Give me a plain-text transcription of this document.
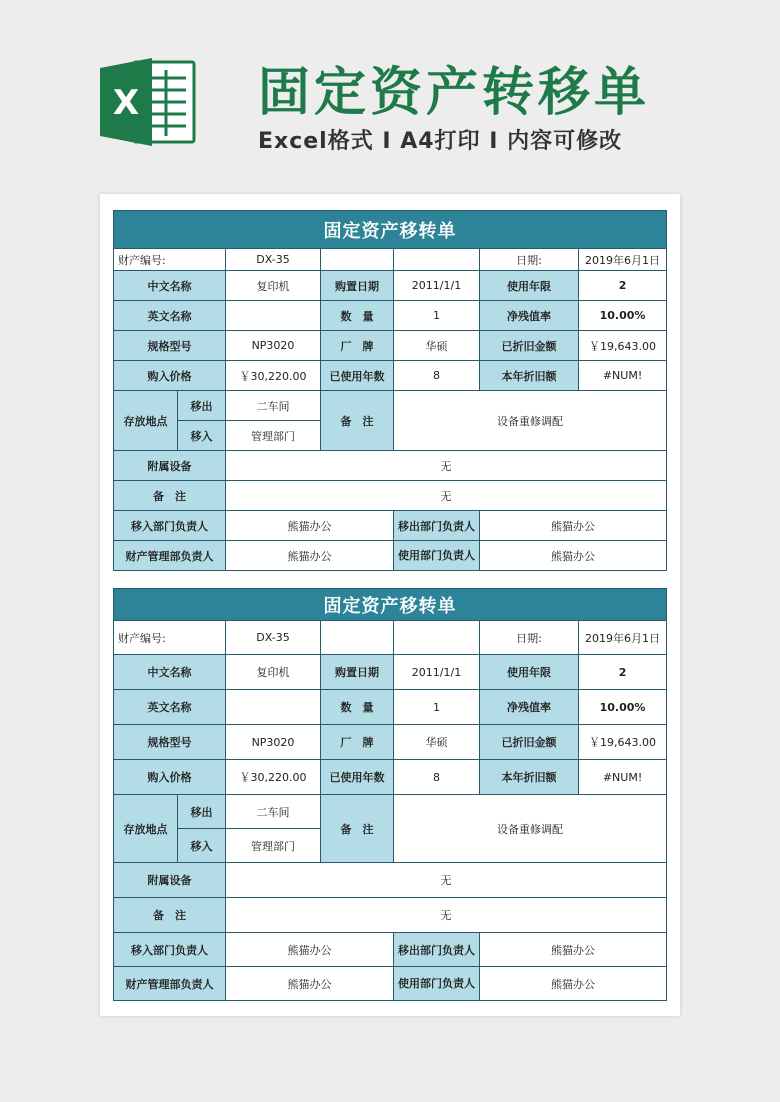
X 固定资产转移单
Excel格式 I A4打印 I 内容可修改
固定资产移转单						
财产编号:		DX-35			日期:	2019年6月1日
中文名称		复印机	购置日期	2011/1/1	使用年限	2
英文名称			数　量	1	净残值率	10.00%
规格型号		NP3020	厂　牌	华硕	已折旧金额	￥19,643.00
购入价格		￥30,220.00	已使用年数	8	本年折旧额	#NUM!
存放地点	移出	二车间	备　注	设备重修调配		
	移入	管理部门				
附属设备		无				
备　注		无				
移入部门负责人		熊猫办公		移出部门负责人	熊猫办公	
财产管理部负责人		熊猫办公		使用部门负责人	熊猫办公	
固定资产移转单						
财产编号:		DX-35			日期:	2019年6月1日
中文名称		复印机	购置日期	2011/1/1	使用年限	2
英文名称			数　量	1	净残值率	10.00%
规格型号		NP3020	厂　牌	华硕	已折旧金额	￥19,643.00
购入价格		￥30,220.00	已使用年数	8	本年折旧额	#NUM!
存放地点	移出	二车间	备　注	设备重修调配		
	移入	管理部门				
附属设备		无				
备　注		无				
移入部门负责人		熊猫办公		移出部门负责人	熊猫办公	
财产管理部负责人		熊猫办公		使用部门负责人	熊猫办公	
